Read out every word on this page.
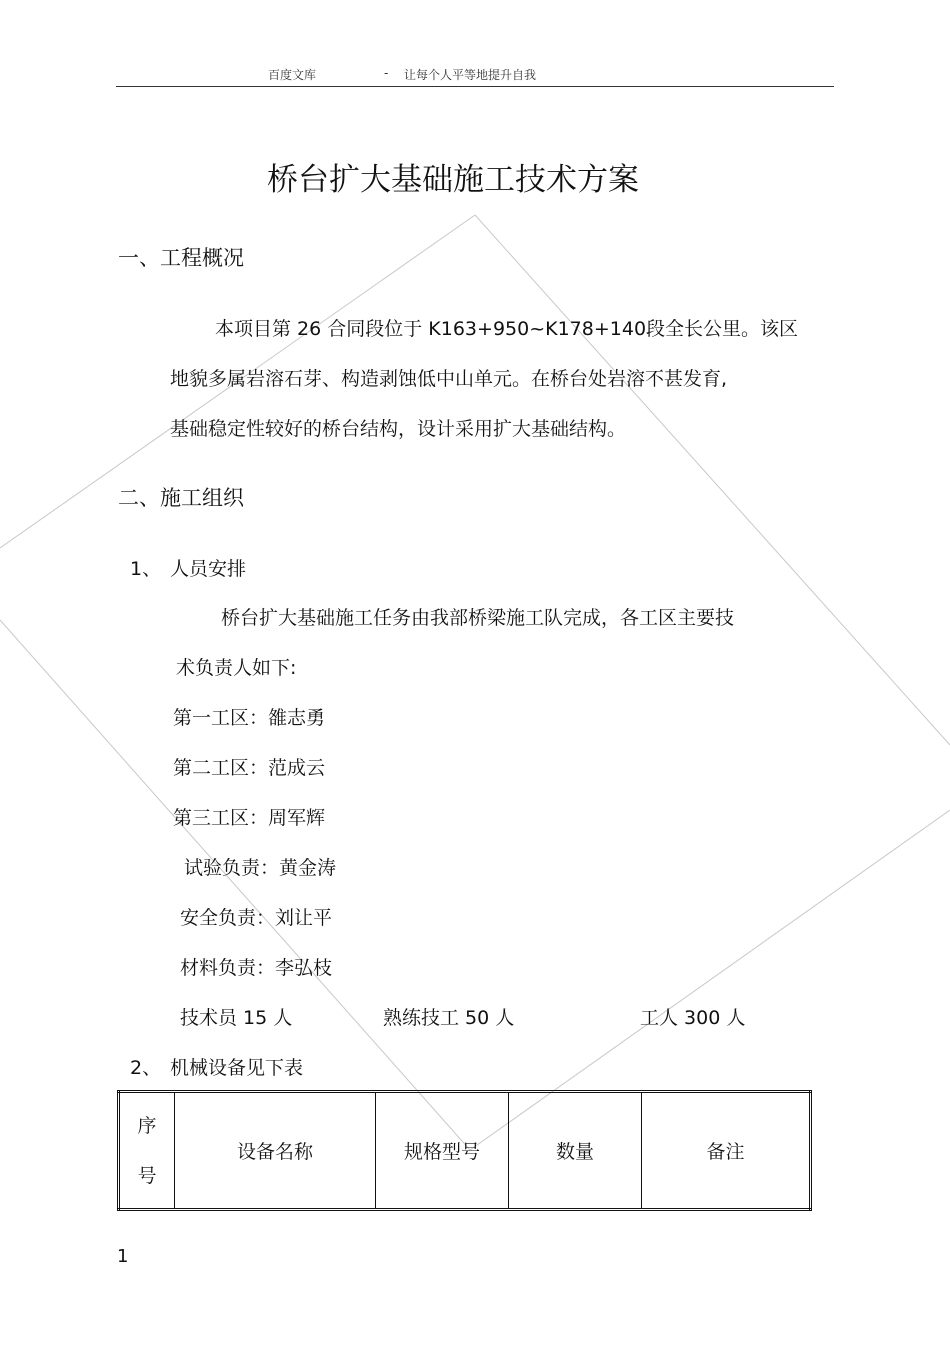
百度文库	- 让每个人平等地提升自我
桥台扩大基础施工技术方案
一、工程概况
本项目第 26 合同段位于 K163+950~K178+140段全长公里。该区
地貌多属岩溶石芽、构造剥蚀低中山单元。在桥台处岩溶不甚发育,
基础稳定性较好的桥台结构，设计采用扩大基础结构。
二、施工组织
1、 人员安排
桥台扩大基础施工任务由我部桥梁施工队完成，各工区主要技
术负责人如下:
第一工区：雒志勇
第二工区：范成云
第三工区：周军辉
试验负责：黄金涛
安全负责：刘让平
材料负责：李弘枝
技术员 15 人	熟练技工 50 人	工人 300 人
2、 机械设备见下表
序
号
	设备名称	规格型号	数量	备注
1
